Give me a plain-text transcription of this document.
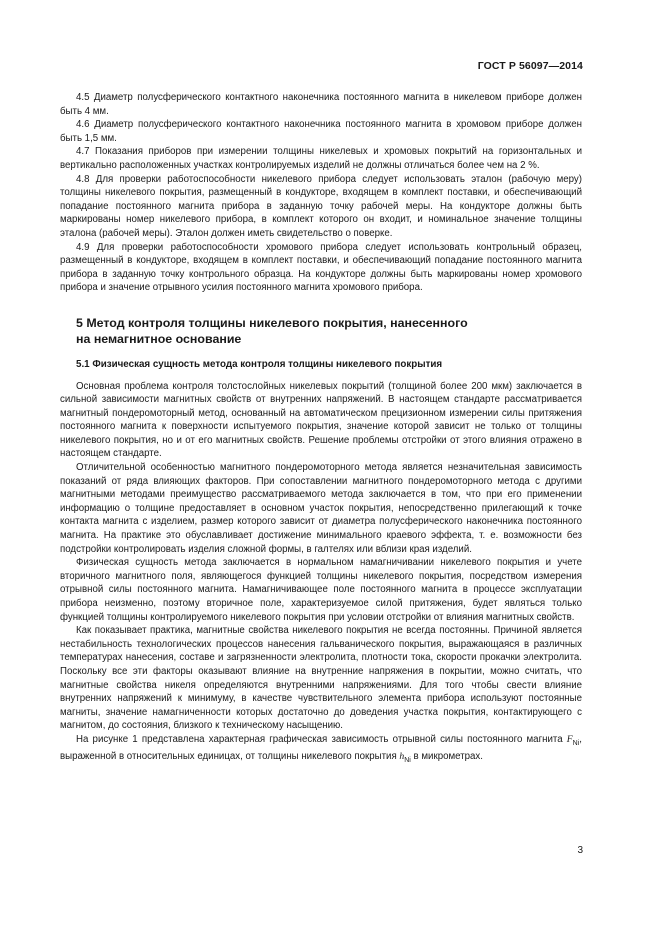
ГОСТ Р 56097—2014

4.5 Диаметр полусферического контактного наконечника постоянного магнита в никелевом приборе должен быть 4 мм.

4.6 Диаметр полусферического контактного наконечника постоянного магнита в хромовом приборе должен быть 1,5 мм.

4.7 Показания приборов при измерении толщины никелевых и хромовых покрытий на горизонтальных и вертикально расположенных участках контролируемых изделий не должны отличаться более чем на 2 %.

4.8 Для проверки работоспособности никелевого прибора следует использовать эталон (рабочую меру) толщины никелевого покрытия, размещенный в кондукторе, входящем в комплект поставки, и обеспечивающий попадание постоянного магнита прибора в заданную точку рабочей меры. На кондукторе должны быть маркированы номер никелевого прибора, в комплект которого он входит, и номинальное значение толщины эталона (рабочей меры). Эталон должен иметь свидетельство о поверке.

4.9 Для проверки работоспособности хромового прибора следует использовать контрольный образец, размещенный в кондукторе, входящем в комплект поставки, и обеспечивающий попадание постоянного магнита прибора в заданную точку контрольного образца. На кондукторе должны быть маркированы номер хромового прибора и значение отрывного усилия постоянного магнита хромового прибора.

5 Метод контроля толщины никелевого покрытия, нанесенного
на немагнитное основание
5.1 Физическая сущность метода контроля толщины никелевого покрытия

Основная проблема контроля толстослойных никелевых покрытий (толщиной более 200 мкм) заключается в сильной зависимости магнитных свойств от внутренних напряжений. В настоящем стандарте рассматривается магнитный пондеромоторный метод, основанный на автоматическом прецизионном измерении силы притяжения постоянного магнита к поверхности испытуемого покрытия, значение которой зависит не только от толщины никелевого покрытия, но и от его магнитных свойств. Решение проблемы отстройки от этого влияния отражено в настоящем стандарте.

Отличительной особенностью магнитного пондеромоторного метода является незначительная зависимость показаний от ряда влияющих факторов. При сопоставлении магнитного пондеромоторного метода с другими магнитными методами преимущество рассматриваемого метода заключается в том, что при его применении информацию о толщине предоставляет в основном участок покрытия, непосредственно прилегающий к точке контакта магнита с изделием, размер которого зависит от диаметра полусферического наконечника постоянного магнита. На практике это обуславливает достижение минимального краевого эффекта, т. е. возможности без подстройки контролировать изделия сложной формы, в галтелях или вблизи края изделий.

Физическая сущность метода заключается в нормальном намагничивании никелевого покрытия и учете вторичного магнитного поля, являющегося функцией толщины никелевого покрытия, посредством измерения отрывной силы постоянного магнита. Намагничивающее поле постоянного магнита в процессе эксплуатации прибора неизменно, поэтому вторичное поле, характеризуемое силой притяжения, будет являться только функцией толщины контролируемого никелевого покрытия при условии отстройки от влияния магнитных свойств.

Как показывает практика, магнитные свойства никелевого покрытия не всегда постоянны. Причиной является нестабильность технологических процессов нанесения гальванического покрытия, выражающаяся в различных температурах нанесения, составе и загрязненности электролита, плотности тока, скорости прокачки электролита. Поскольку все эти факторы оказывают влияние на внутренние напряжения в покрытии, можно считать, что магнитные свойства никеля определяются внутренними напряжениями. Для того чтобы свести влияние внутренних напряжений к минимуму, в качестве чувствительного элемента прибора используют постоянные магниты, значение намагниченности которых достаточно до доведения участка покрытия, контактирующего с магнитом, до состояния, близкого к техническому насыщению.

На рисунке 1 представлена характерная графическая зависимость отрывной силы постоянного магнита $F_{Ni}$, выраженной в относительных единицах, от толщины никелевого покрытия $h_{Ni}$ в микрометрах.

3
